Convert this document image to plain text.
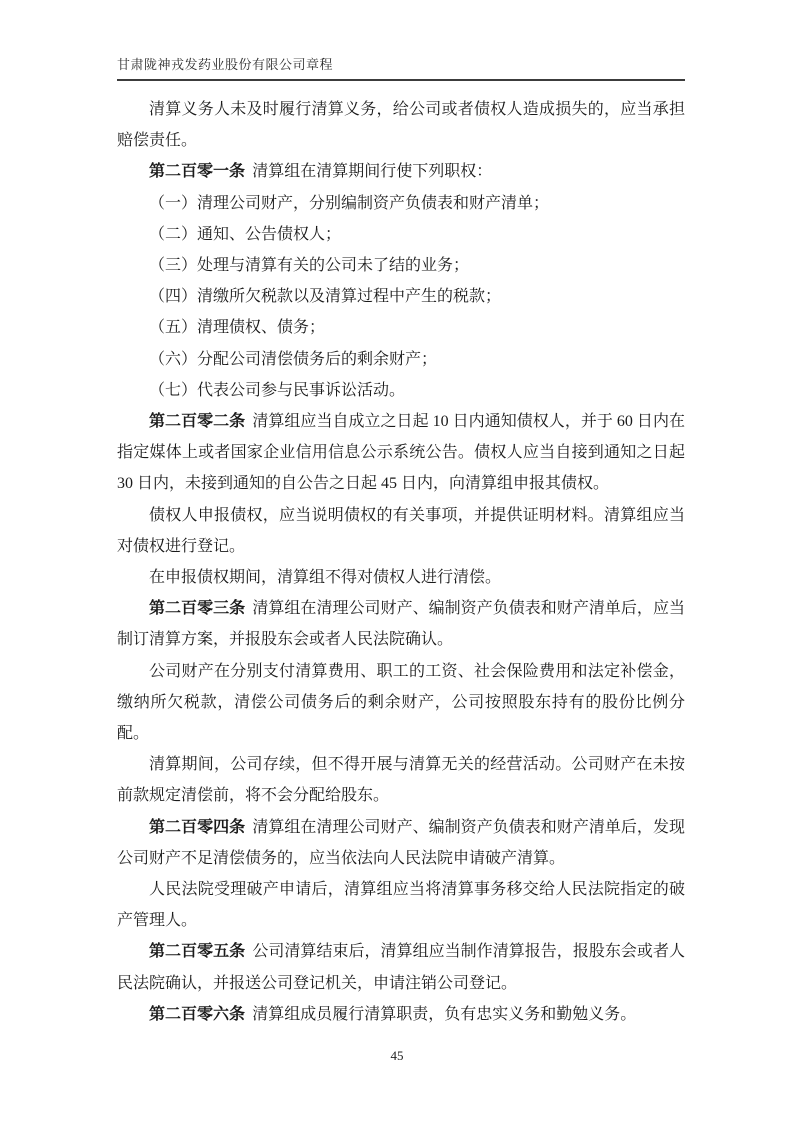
甘肃陇神戎发药业股份有限公司章程

清算义务人未及时履行清算义务，给公司或者债权人造成损失的，应当承担赔偿责任。

第二百零一条 清算组在清算期间行使下列职权：

（一）清理公司财产，分别编制资产负债表和财产清单；

（二）通知、公告债权人；

（三）处理与清算有关的公司未了结的业务；

（四）清缴所欠税款以及清算过程中产生的税款；

（五）清理债权、债务；

（六）分配公司清偿债务后的剩余财产；

（七）代表公司参与民事诉讼活动。

第二百零二条 清算组应当自成立之日起 10 日内通知债权人，并于 60 日内在指定媒体上或者国家企业信用信息公示系统公告。债权人应当自接到通知之日起 30 日内，未接到通知的自公告之日起 45 日内，向清算组申报其债权。

债权人申报债权，应当说明债权的有关事项，并提供证明材料。清算组应当对债权进行登记。

在申报债权期间，清算组不得对债权人进行清偿。

第二百零三条 清算组在清理公司财产、编制资产负债表和财产清单后，应当制订清算方案，并报股东会或者人民法院确认。

公司财产在分别支付清算费用、职工的工资、社会保险费用和法定补偿金，缴纳所欠税款，清偿公司债务后的剩余财产，公司按照股东持有的股份比例分配。

清算期间，公司存续，但不得开展与清算无关的经营活动。公司财产在未按前款规定清偿前，将不会分配给股东。

第二百零四条 清算组在清理公司财产、编制资产负债表和财产清单后，发现公司财产不足清偿债务的，应当依法向人民法院申请破产清算。

人民法院受理破产申请后，清算组应当将清算事务移交给人民法院指定的破产管理人。

第二百零五条 公司清算结束后，清算组应当制作清算报告，报股东会或者人民法院确认，并报送公司登记机关，申请注销公司登记。

第二百零六条 清算组成员履行清算职责，负有忠实义务和勤勉义务。

45
